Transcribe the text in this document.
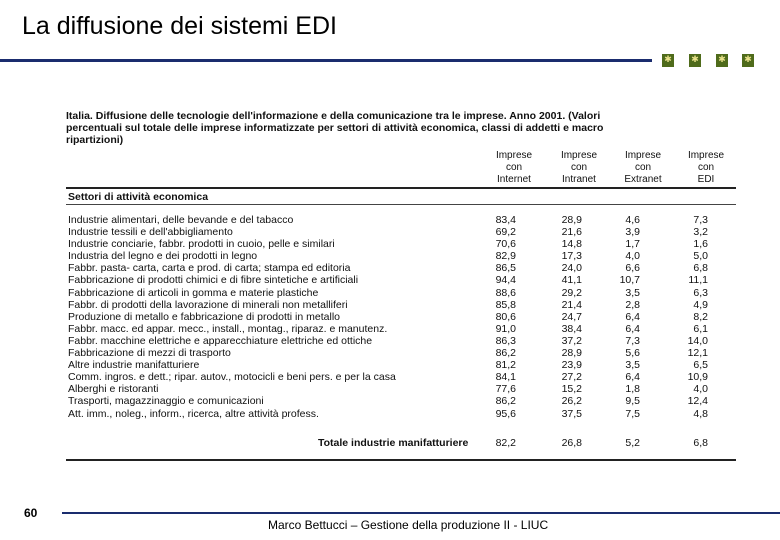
La diffusione dei sistemi EDI
✱ ✱ ✱ ✱
Italia. Diffusione delle tecnologie dell'informazione e della comunicazione tra le imprese. Anno 2001. (Valori percentuali sul totale delle imprese informatizzate per settori di attività economica, classi di addetti e macro ripartizioni)
Imprese
con
Internet
Imprese
con
Intranet
Imprese
con
Extranet
Imprese
con
EDI
Settori di attività economica
Industrie alimentari, delle bevande e del tabacco	83,4	28,9	4,6	7,3
Industrie tessili e dell'abbigliamento	69,2	21,6	3,9	3,2
Industrie conciarie, fabbr. prodotti in cuoio, pelle e similari	70,6	14,8	1,7	1,6
Industria del legno e dei prodotti in legno	82,9	17,3	4,0	5,0
Fabbr. pasta- carta, carta e prod. di carta; stampa ed editoria	86,5	24,0	6,6	6,8
Fabbricazione di prodotti chimici e di fibre sintetiche e artificiali	94,4	41,1	10,7	11,1
Fabbricazione di articoli in gomma e materie plastiche	88,6	29,2	3,5	6,3
Fabbr. di prodotti della lavorazione di minerali non metalliferi	85,8	21,4	2,8	4,9
Produzione di metallo e fabbricazione di prodotti in metallo	80,6	24,7	6,4	8,2
Fabbr. macc. ed appar. mecc., install., montag., riparaz. e manutenz.	91,0	38,4	6,4	6,1
Fabbr. macchine elettriche e apparecchiature elettriche ed ottiche	86,3	37,2	7,3	14,0
Fabbricazione di mezzi di trasporto	86,2	28,9	5,6	12,1
Altre industrie manifatturiere	81,2	23,9	3,5	6,5
Comm. ingros. e dett.; ripar. autov., motocicli e beni pers. e per la casa	84,1	27,2	6,4	10,9
Alberghi e ristoranti	77,6	15,2	1,8	4,0
Trasporti, magazzinaggio e comunicazioni	86,2	26,2	9,5	12,4
Att. imm., noleg., inform., ricerca, altre attività profess.	95,6	37,5	7,5	4,8
Totale industrie manifatturiere	82,2	26,8	5,2	6,8
60
Marco Bettucci – Gestione della produzione II - LIUC
